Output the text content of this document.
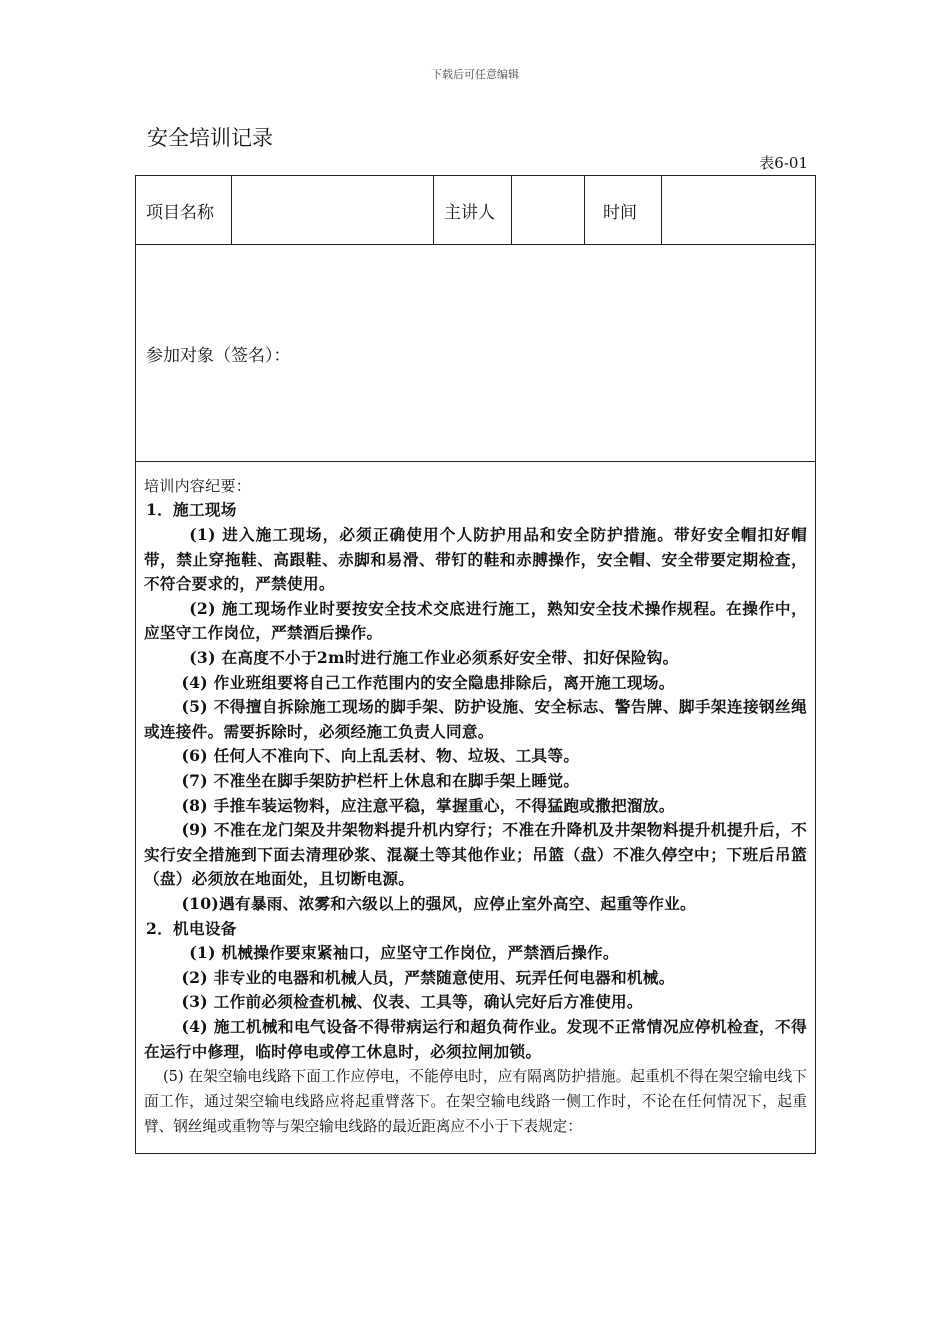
下载后可任意编辑
安全培训记录
表6-01
项目名称		主讲人		时间	

参加对象（签名）：

培训内容纪要：
1．施工现场
(1) 进入施工现场，必须正确使用个人防护用品和安全防护措施。带好安全帽扣好帽带，禁止穿拖鞋、高跟鞋、赤脚和易滑、带钉的鞋和赤膊操作，安全帽、安全带要定期检查，不符合要求的，严禁使用。
(2) 施工现场作业时要按安全技术交底进行施工，熟知安全技术操作规程。在操作中，应坚守工作岗位，严禁酒后操作。
(3) 在高度不小于2m时进行施工作业必须系好安全带、扣好保险钩。
(4) 作业班组要将自己工作范围内的安全隐患排除后，离开施工现场。
(5) 不得擅自拆除施工现场的脚手架、防护设施、安全标志、警告牌、脚手架连接钢丝绳或连接件。需要拆除时，必须经施工负责人同意。
(6) 任何人不准向下、向上乱丢材、物、垃圾、工具等。
(7) 不准坐在脚手架防护栏杆上休息和在脚手架上睡觉。
(8) 手推车装运物料，应注意平稳，掌握重心，不得猛跑或撒把溜放。
(9) 不准在龙门架及井架物料提升机内穿行；不准在升降机及井架物料提升机提升后，不实行安全措施到下面去清理砂浆、混凝土等其他作业；吊篮（盘）不准久停空中；下班后吊篮（盘）必须放在地面处，且切断电源。
(10)遇有暴雨、浓雾和六级以上的强风，应停止室外高空、起重等作业。
2．机电设备
(1) 机械操作要束紧袖口，应坚守工作岗位，严禁酒后操作。
(2) 非专业的电器和机械人员，严禁随意使用、玩弄任何电器和机械。
(3) 工作前必须检查机械、仪表、工具等，确认完好后方准使用。
(4) 施工机械和电气设备不得带病运行和超负荷作业。发现不正常情况应停机检查，不得在运行中修理，临时停电或停工休息时，必须拉闸加锁。
(5) 在架空输电线路下面工作应停电，不能停电时，应有隔离防护措施。起重机不得在架空输电线下面工作，通过架空输电线路应将起重臂落下。在架空输电线路一侧工作时，不论在任何情况下，起重臂、钢丝绳或重物等与架空输电线路的最近距离应不小于下表规定：
